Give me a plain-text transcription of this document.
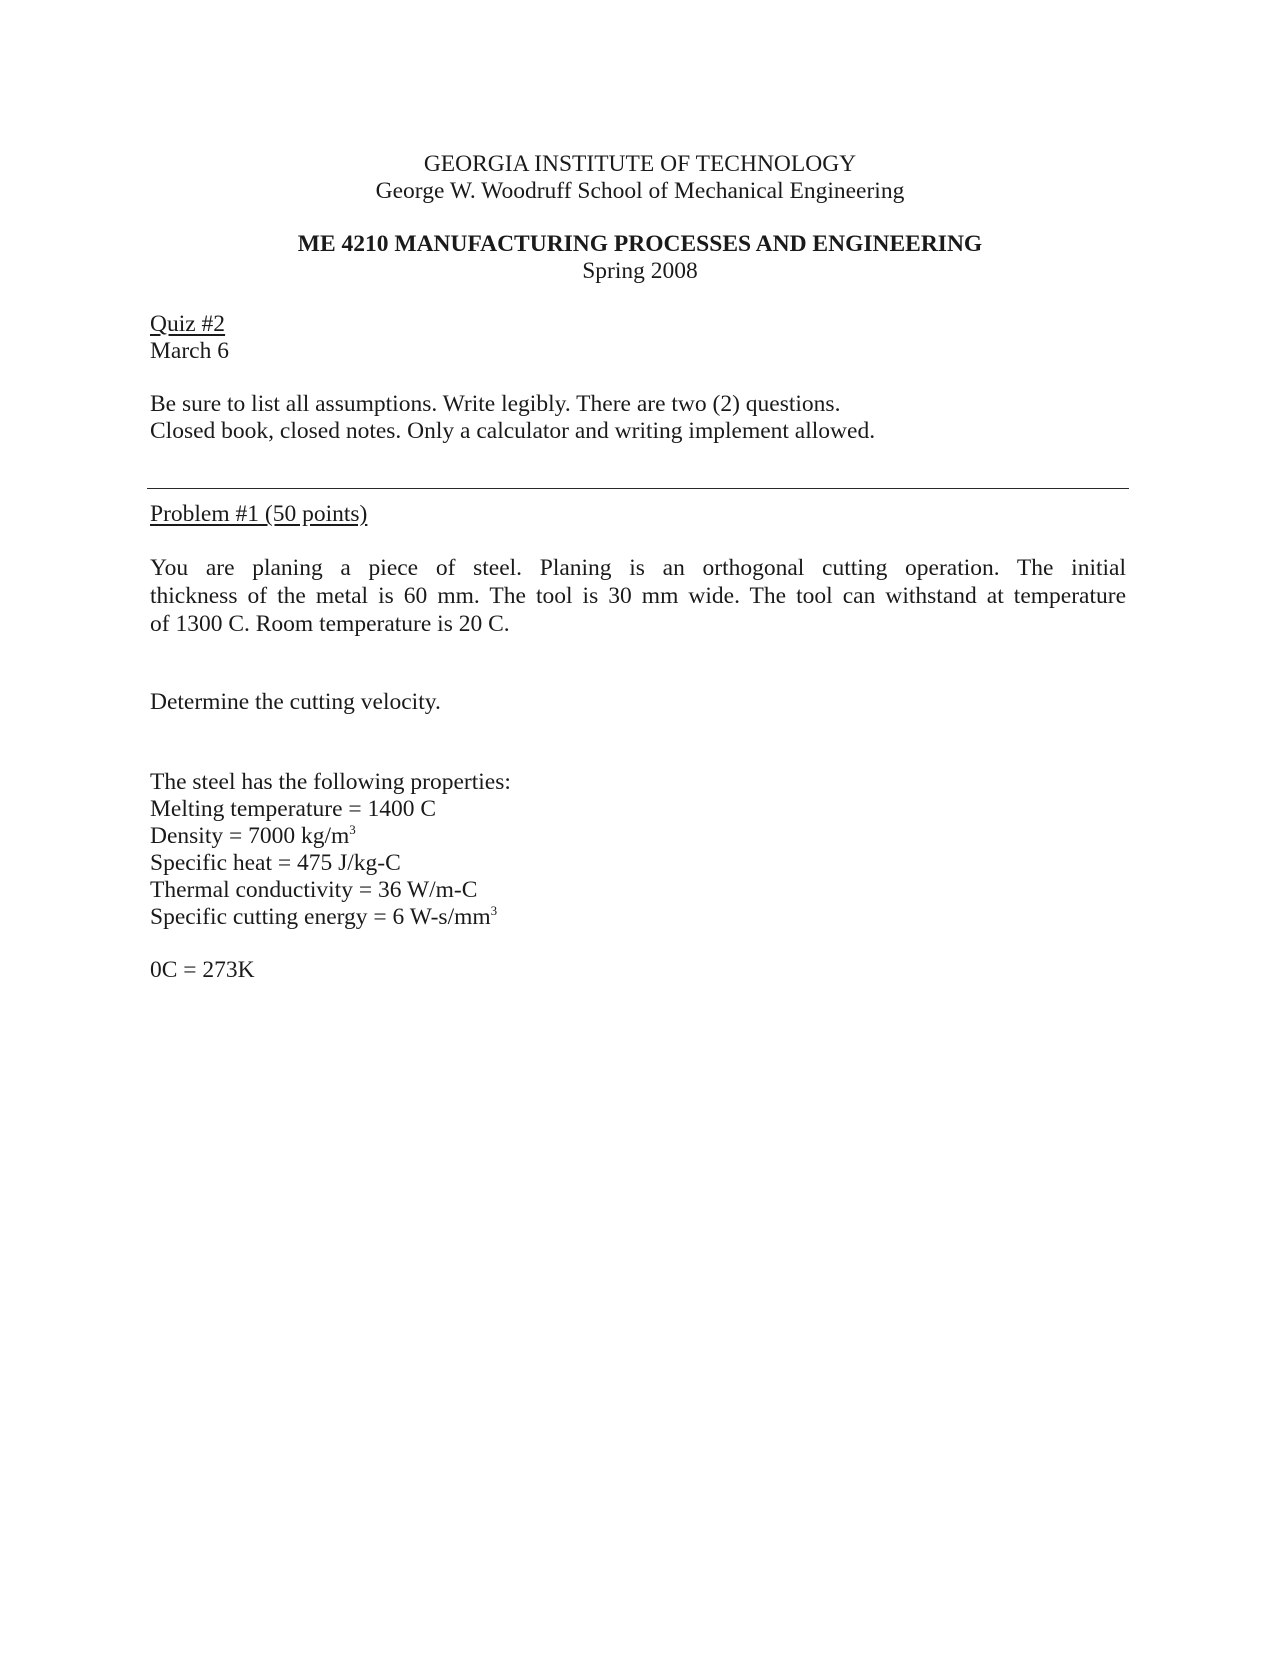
GEORGIA INSTITUTE OF TECHNOLOGY
George W. Woodruff School of Mechanical Engineering
ME 4210 MANUFACTURING PROCESSES AND ENGINEERING
Spring 2008
Quiz #2
March 6
Be sure to list all assumptions. Write legibly. There are two (2) questions.
Closed book, closed notes. Only a calculator and writing implement allowed.
Problem #1 (50 points)
You are planing a piece of steel. Planing is an orthogonal cutting operation. The initial
thickness of the metal is 60 mm. The tool is 30 mm wide. The tool can withstand at temperature
of 1300 C. Room temperature is 20 C.
Determine the cutting velocity.
The steel has the following properties:
Melting temperature = 1400 C
Density = 7000 $kg/m^3$
Specific heat = 475 J/kg-C
Thermal conductivity = 36 W/m-C
Specific cutting energy = 6 $W-s/mm^3$
0C = 273K
